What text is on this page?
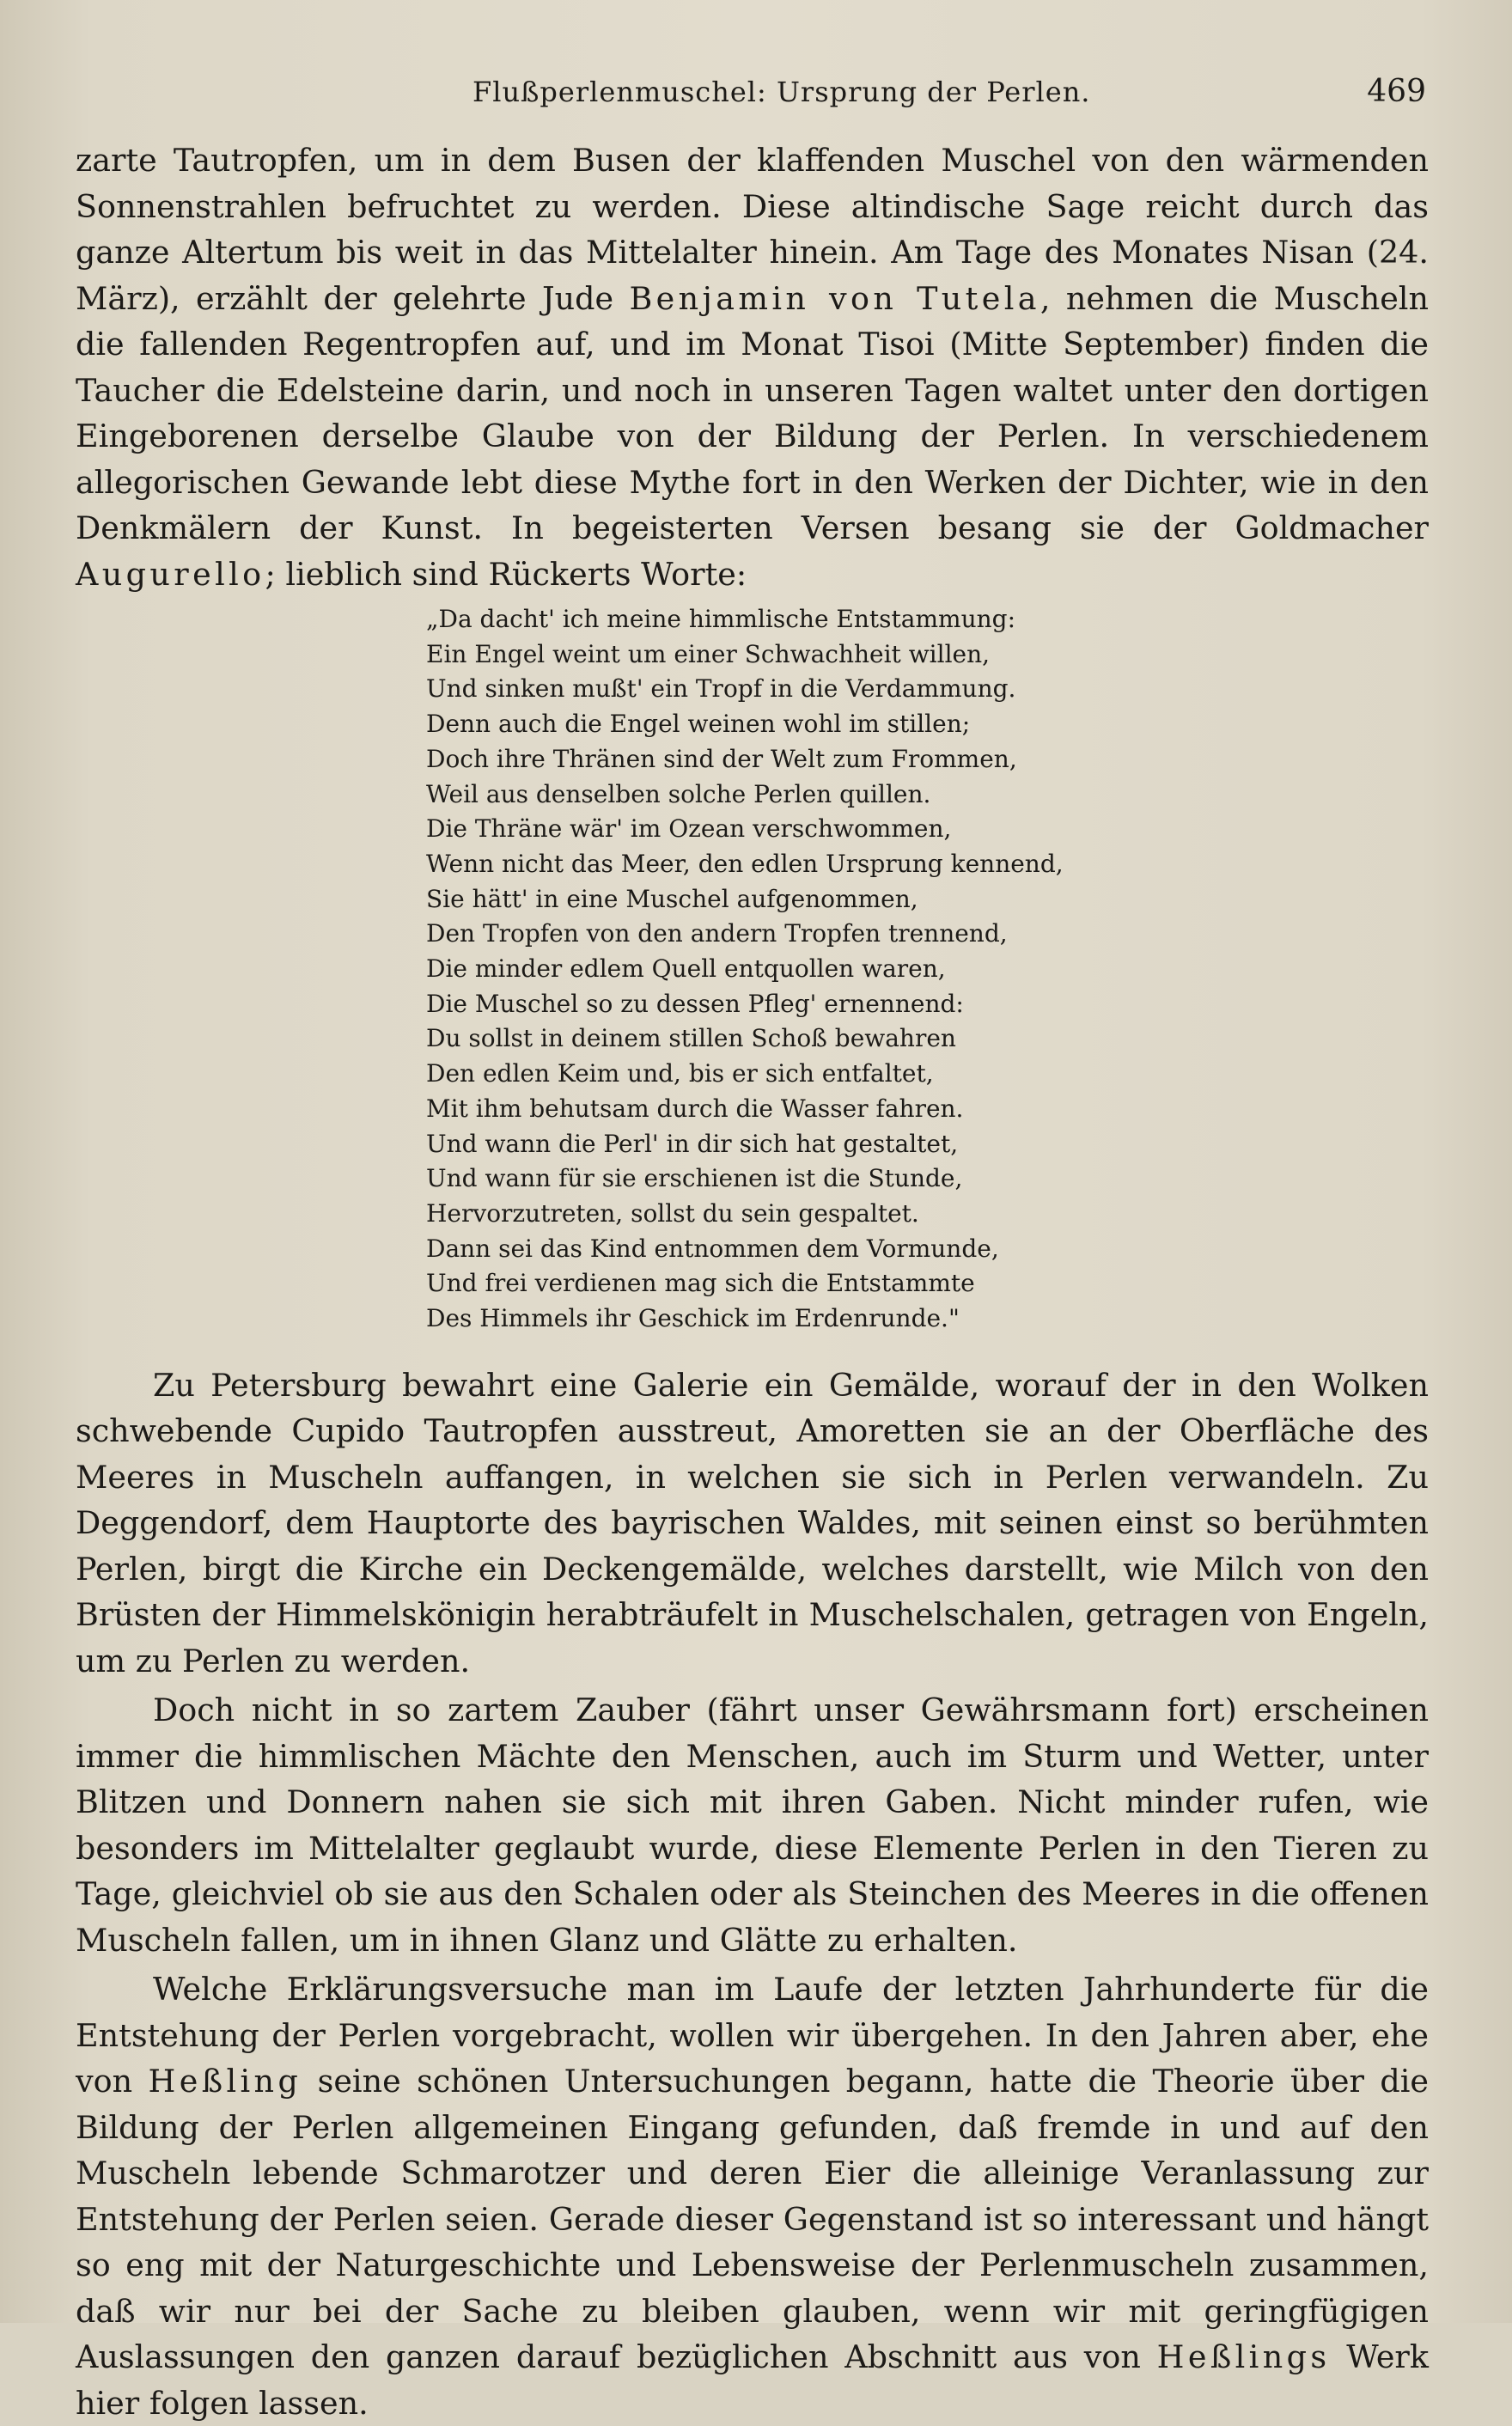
Flußperlenmuschel: Ursprung der Perlen.	469

zarte Tautropfen, um in dem Busen der klaffenden Muschel von den wärmenden Sonnenstrahlen befruchtet zu werden. Diese altindische Sage reicht durch das ganze Altertum bis weit in das Mittelalter hinein. Am Tage des Monates Nisan (24. März), erzählt der gelehrte Jude Benjamin von Tutela, nehmen die Muscheln die fallenden Regentropfen auf, und im Monat Tisoi (Mitte September) finden die Taucher die Edelsteine darin, und noch in unseren Tagen waltet unter den dortigen Eingeborenen derselbe Glaube von der Bildung der Perlen. In verschiedenem allegorischen Gewande lebt diese Mythe fort in den Werken der Dichter, wie in den Denkmälern der Kunst. In begeisterten Versen besang sie der Goldmacher Augurello; lieblich sind Rückerts Worte:

„Da dacht' ich meine himmlische Entstammung:
Ein Engel weint um einer Schwachheit willen,
Und sinken mußt' ein Tropf in die Verdammung.
Denn auch die Engel weinen wohl im stillen;
Doch ihre Thränen sind der Welt zum Frommen,
Weil aus denselben solche Perlen quillen.
Die Thräne wär' im Ozean verschwommen,
Wenn nicht das Meer, den edlen Ursprung kennend,
Sie hätt' in eine Muschel aufgenommen,
Den Tropfen von den andern Tropfen trennend,
Die minder edlem Quell entquollen waren,
Die Muschel so zu dessen Pfleg' ernennend:
Du sollst in deinem stillen Schoß bewahren
Den edlen Keim und, bis er sich entfaltet,
Mit ihm behutsam durch die Wasser fahren.
Und wann die Perl' in dir sich hat gestaltet,
Und wann für sie erschienen ist die Stunde,
Hervorzutreten, sollst du sein gespaltet.
Dann sei das Kind entnommen dem Vormunde,
Und frei verdienen mag sich die Entstammte
Des Himmels ihr Geschick im Erdenrunde."

Zu Petersburg bewahrt eine Galerie ein Gemälde, worauf der in den Wolken schwebende Cupido Tautropfen ausstreut, Amoretten sie an der Oberfläche des Meeres in Muscheln auffangen, in welchen sie sich in Perlen verwandeln. Zu Deggendorf, dem Hauptorte des bayrischen Waldes, mit seinen einst so berühmten Perlen, birgt die Kirche ein Deckengemälde, welches darstellt, wie Milch von den Brüsten der Himmelskönigin herabträufelt in Muschelschalen, getragen von Engeln, um zu Perlen zu werden.

Doch nicht in so zartem Zauber (fährt unser Gewährsmann fort) erscheinen immer die himmlischen Mächte den Menschen, auch im Sturm und Wetter, unter Blitzen und Donnern nahen sie sich mit ihren Gaben. Nicht minder rufen, wie besonders im Mittelalter geglaubt wurde, diese Elemente Perlen in den Tieren zu Tage, gleichviel ob sie aus den Schalen oder als Steinchen des Meeres in die offenen Muscheln fallen, um in ihnen Glanz und Glätte zu erhalten.

Welche Erklärungsversuche man im Laufe der letzten Jahrhunderte für die Entstehung der Perlen vorgebracht, wollen wir übergehen. In den Jahren aber, ehe von Heßling seine schönen Untersuchungen begann, hatte die Theorie über die Bildung der Perlen allgemeinen Eingang gefunden, daß fremde in und auf den Muscheln lebende Schmarotzer und deren Eier die alleinige Veranlassung zur Entstehung der Perlen seien. Gerade dieser Gegenstand ist so interessant und hängt so eng mit der Naturgeschichte und Lebensweise der Perlenmuscheln zusammen, daß wir nur bei der Sache zu bleiben glauben, wenn wir mit geringfügigen Auslassungen den ganzen darauf bezüglichen Abschnitt aus von Heßlings Werk hier folgen lassen.
